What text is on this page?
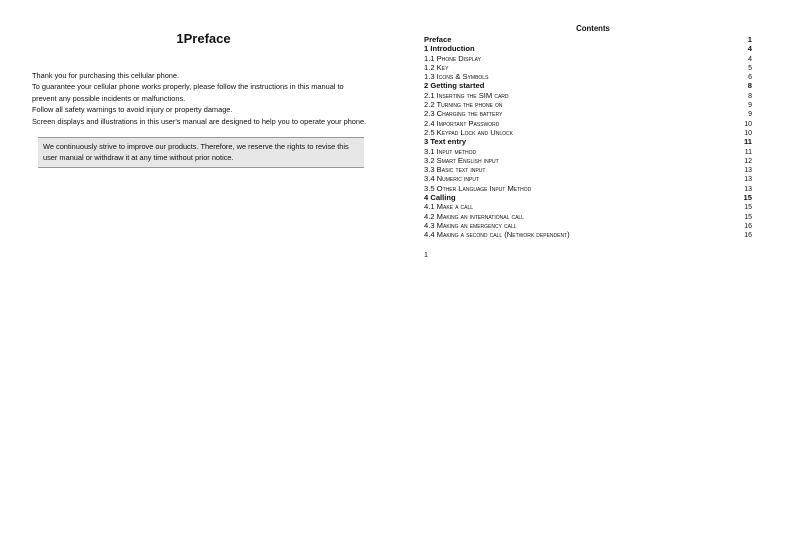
1Preface

Thank you for purchasing this cellular phone.

To guarantee your cellular phone works properly, please follow the instructions in this manual to prevent any possible incidents or malfunctions.

Follow all safety warnings to avoid injury or property damage.

Screen displays and illustrations in this user's manual are designed to help you to operate your phone.

We continuously strive to improve our products. Therefore, we reserve the rights to revise this user manual or withdraw it at any time without prior notice.
Contents
Preface	1
1 Introduction	4
1.1 Phone Display	4
1.2 Key	5
1.3 Icons & Symbols	6
2 Getting started	8
2.1 Inserting the SIM card	8
2.2 Turning the phone on	9
2.3 Charging the battery	9
2.4 Important Password	10
2.5 Keypad Lock and Unlock	10
3 Text entry	11
3.1 Input method	11
3.2 Smart English input	12
3.3 Basic text input	13
3.4 Numeric input	13
3.5 Other Language Input Method	13
4 Calling	15
4.1 Make a call	15
4.2 Making an international call	15
4.3 Making an emergency call	16
4.4 Making a second call (Network dependent)	16
1
